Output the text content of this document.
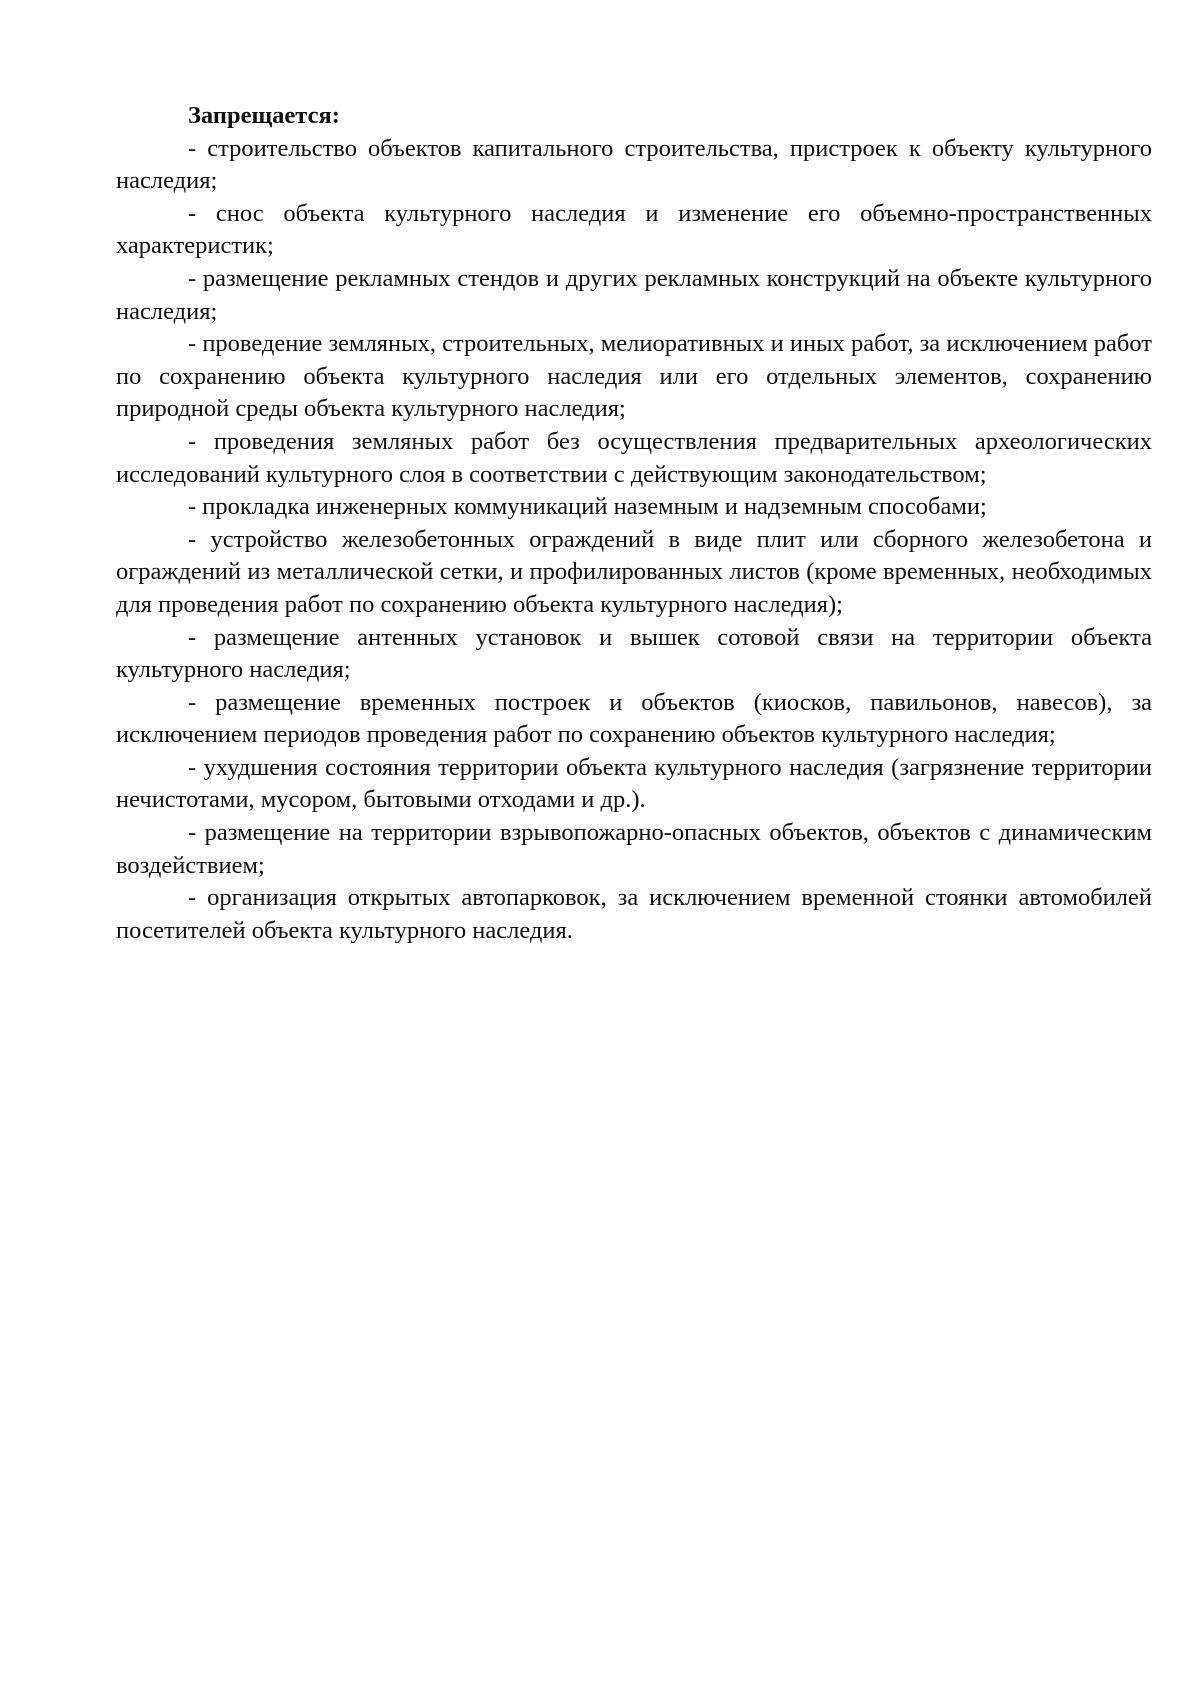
Запрещается:

- строительство объектов капитального строительства, пристроек к объекту культурного наследия;

- снос объекта культурного наследия и изменение его объемно-пространственных характеристик;

- размещение рекламных стендов и других рекламных конструкций на объекте культурного наследия;

- проведение земляных, строительных, мелиоративных и иных работ, за исключением работ по сохранению объекта культурного наследия или его отдельных элементов, сохранению природной среды объекта культурного наследия;

- проведения земляных работ без осуществления предварительных археологических исследований культурного слоя в соответствии с действующим законодательством;

- прокладка инженерных коммуникаций наземным и надземным способами;

- устройство железобетонных ограждений в виде плит или сборного железобетона и ограждений из металлической сетки, и профилированных листов (кроме временных, необходимых для проведения работ по сохранению объекта культурного наследия);

- размещение антенных установок и вышек сотовой связи на территории объекта культурного наследия;

- размещение временных построек и объектов (киосков, павильонов, навесов), за исключением периодов проведения работ по сохранению объектов культурного наследия;

- ухудшения состояния территории объекта культурного наследия (загрязнение территории нечистотами, мусором, бытовыми отходами и др.).

- размещение на территории взрывопожарно-опасных объектов, объектов с динамическим воздействием;

- организация открытых автопарковок, за исключением временной стоянки автомобилей посетителей объекта культурного наследия.
